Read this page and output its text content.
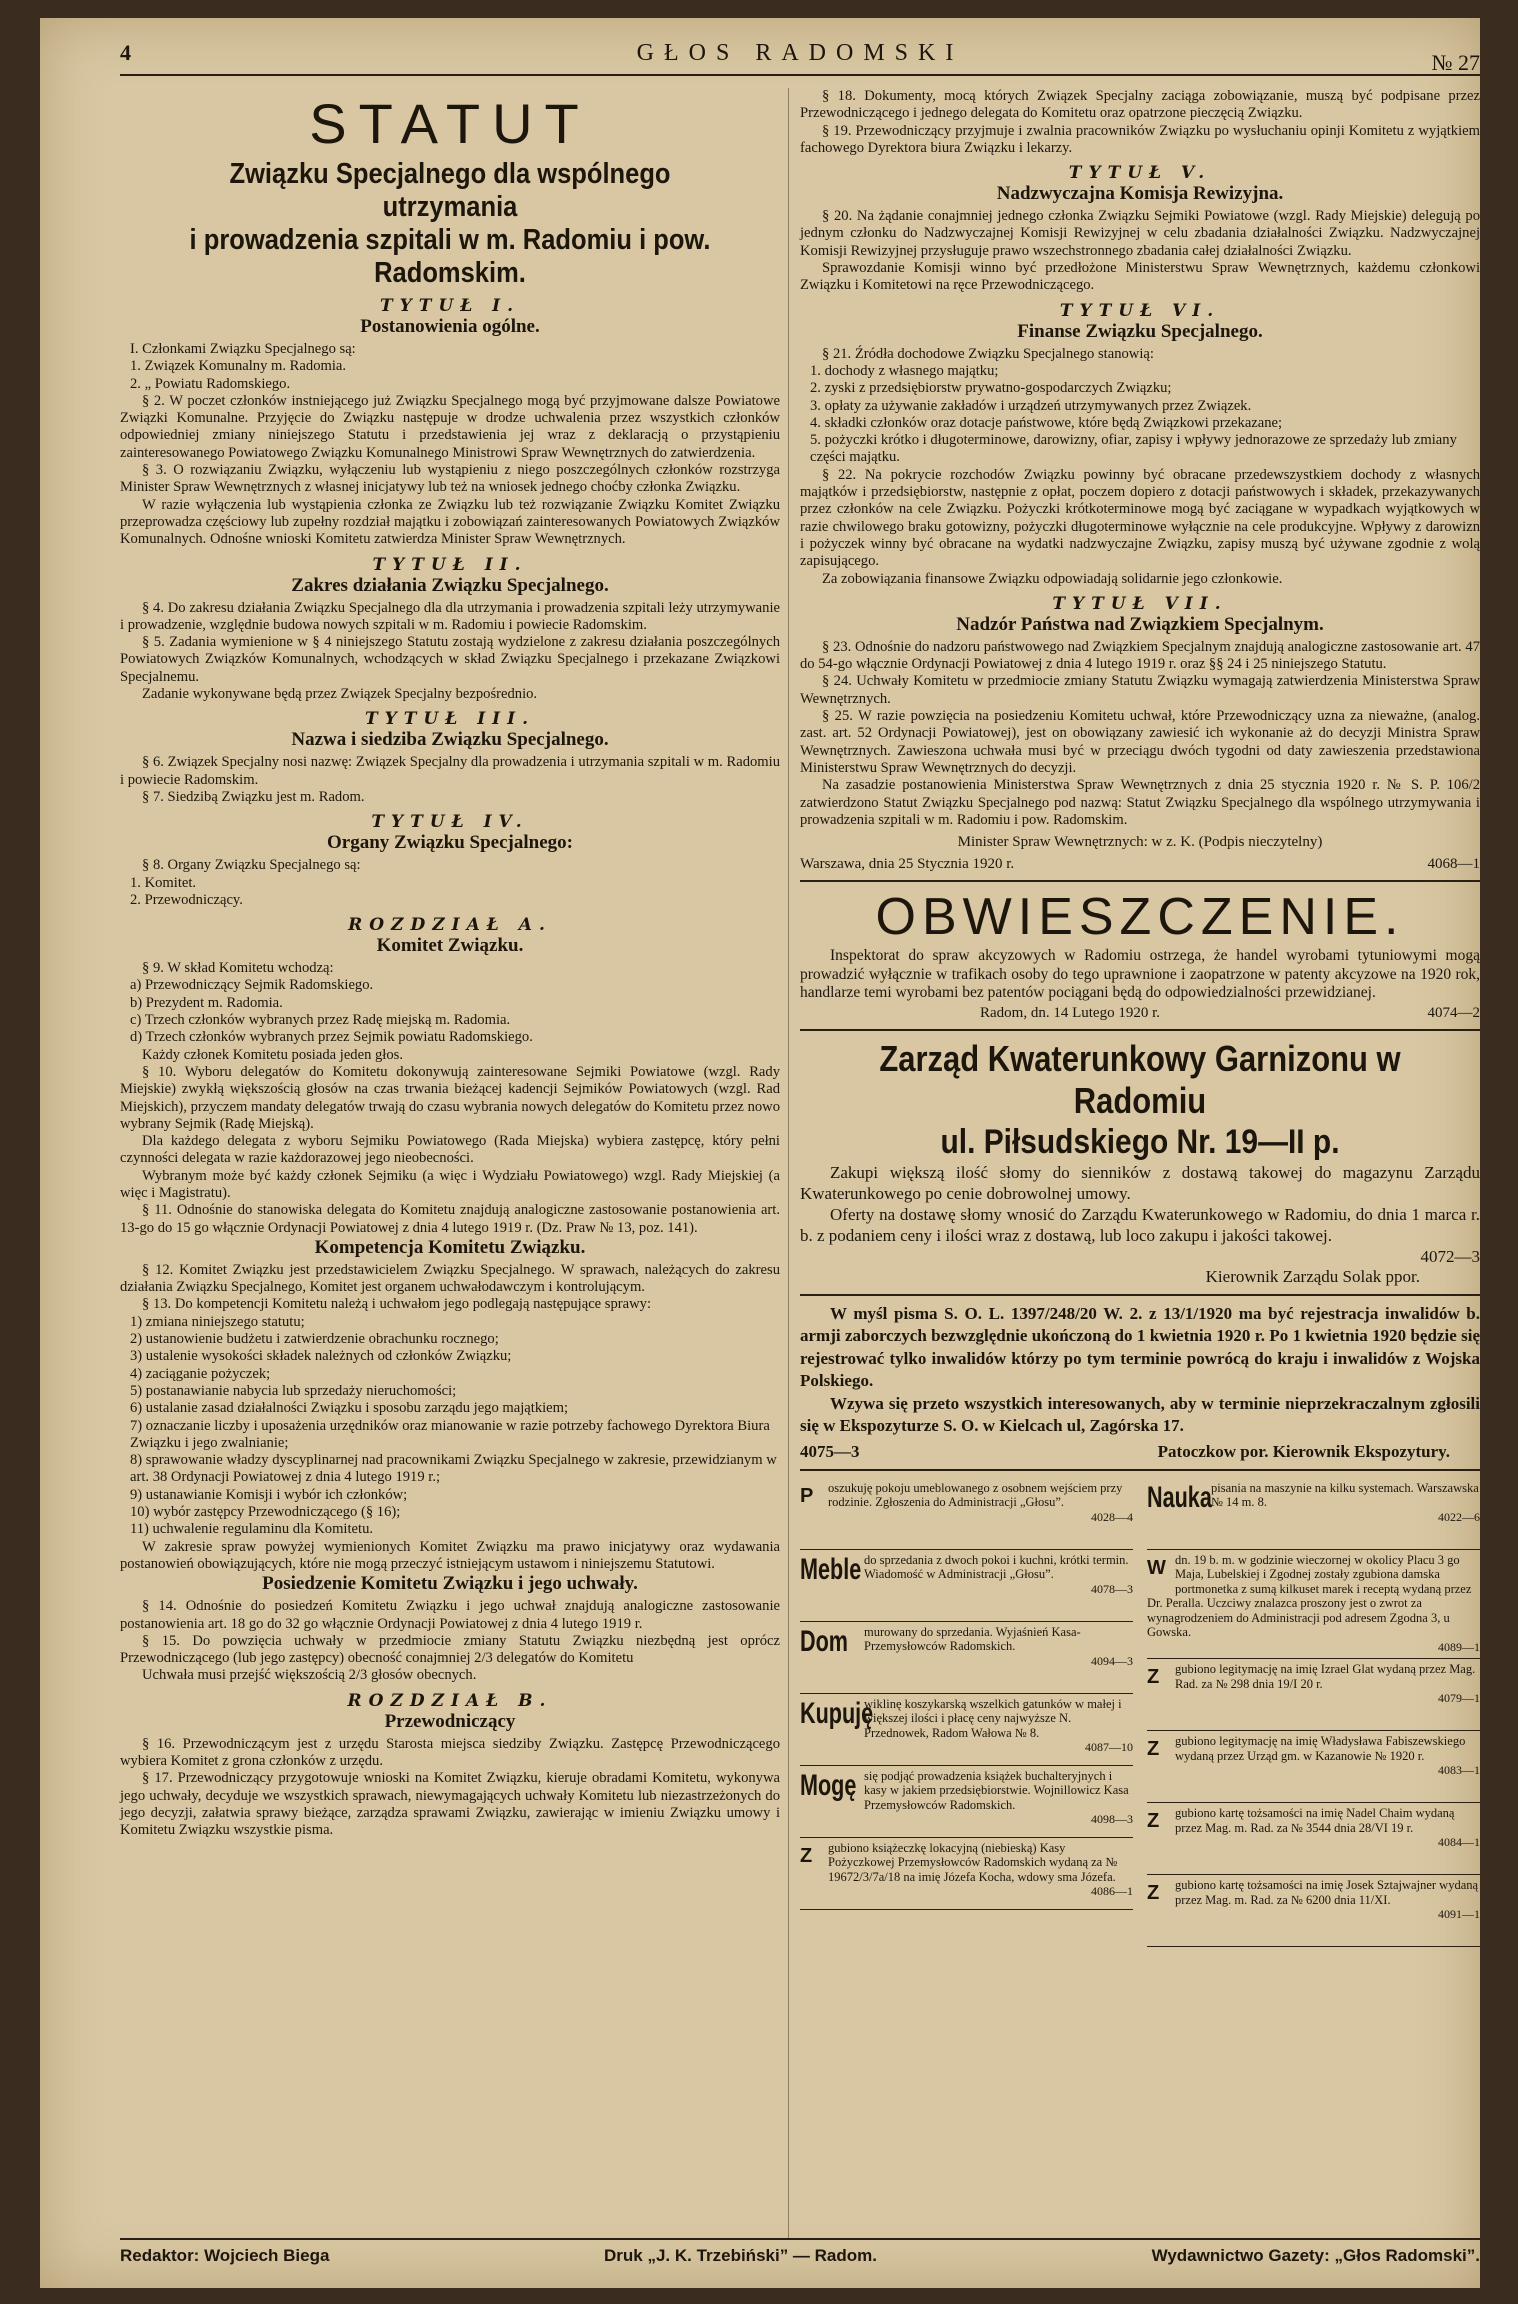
4	GŁOS RADOMSKI	№ 27
STATUT
Związku Specjalnego dla wspólnego utrzymania
i prowadzenia szpitali w m. Radomiu i pow. Radomskim.
TYTUŁ I.
Postanowienia ogólne.

I. Członkami Związku Specjalnego są:

1. Związek Komunalny m. Radomia.

2. „ Powiatu Radomskiego.

§ 2. W poczet członków instniejącego już Związku Specjalnego mogą być przyjmowane dalsze Powiatowe Związki Komunalne. Przyjęcie do Związku następuje w drodze uchwalenia przez wszystkich członków odpowiedniej zmiany niniejszego Statutu i przedstawienia jej wraz z deklaracją o przystąpieniu zainteresowanego Powiatowego Związku Komunalnego Ministrowi Spraw Wewnętrznych do zatwierdzenia.

§ 3. O rozwiązaniu Związku, wyłączeniu lub wystąpieniu z niego poszczególnych członków rozstrzyga Minister Spraw Wewnętrznych z własnej inicjatywy lub też na wniosek jednego choćby członka Związku.

W razie wyłączenia lub wystąpienia członka ze Związku lub też rozwiązanie Związku Komitet Związku przeprowadza częściowy lub zupełny rozdział majątku i zobowiązań zainteresowanych Powiatowych Związków Komunalnych. Odnośne wnioski Komitetu zatwierdza Minister Spraw Wewnętrznych.

TYTUŁ II.
Zakres działania Związku Specjalnego.

§ 4. Do zakresu działania Związku Specjalnego dla dla utrzymania i prowadzenia szpitali leży utrzymywanie i prowadzenie, względnie budowa nowych szpitali w m. Radomiu i powiecie Radomskim.

§ 5. Zadania wymienione w § 4 niniejszego Statutu zostają wydzielone z zakresu działania poszczególnych Powiatowych Związków Komunalnych, wchodzących w skład Związku Specjalnego i przekazane Związkowi Specjalnemu.

Zadanie wykonywane będą przez Związek Specjalny bezpośrednio.

TYTUŁ III.
Nazwa i siedziba Związku Specjalnego.

§ 6. Związek Specjalny nosi nazwę: Związek Specjalny dla prowadzenia i utrzymania szpitali w m. Radomiu i powiecie Radomskim.

§ 7. Siedzibą Związku jest m. Radom.

TYTUŁ IV.
Organy Związku Specjalnego:

§ 8. Organy Związku Specjalnego są:

1. Komitet.

2. Przewodniczący.

ROZDZIAŁ A.
Komitet Związku.

§ 9. W skład Komitetu wchodzą:

a) Przewodniczący Sejmik Radomskiego.

b) Prezydent m. Radomia.

c) Trzech członków wybranych przez Radę miejską m. Radomia.

d) Trzech członków wybranych przez Sejmik powiatu Radomskiego.

Każdy członek Komitetu posiada jeden głos.

§ 10. Wyboru delegatów do Komitetu dokonywują zainteresowane Sejmiki Powiatowe (wzgl. Rady Miejskie) zwykłą większością głosów na czas trwania bieżącej kadencji Sejmików Powiatowych (wzgl. Rad Miejskich), przyczem mandaty delegatów trwają do czasu wybrania nowych delegatów do Komitetu przez nowo wybrany Sejmik (Radę Miejską).

Dla każdego delegata z wyboru Sejmiku Powiatowego (Rada Miejska) wybiera zastępcę, który pełni czynności delegata w razie każdorazowej jego nieobecności.

Wybranym może być każdy członek Sejmiku (a więc i Wydziału Powiatowego) wzgl. Rady Miejskiej (a więc i Magistratu).

§ 11. Odnośnie do stanowiska delegata do Komitetu znajdują analogiczne zastosowanie postanowienia art. 13-go do 15 go włącznie Ordynacji Powiatowej z dnia 4 lutego 1919 r. (Dz. Praw № 13, poz. 141).

Kompetencja Komitetu Związku.

§ 12. Komitet Związku jest przedstawicielem Związku Specjalnego. W sprawach, należących do zakresu działania Związku Specjalnego, Komitet jest organem uchwałodawczym i kontrolującym.

§ 13. Do kompetencji Komitetu należą i uchwałom jego podlegają następujące sprawy:

1) zmiana niniejszego statutu;

2) ustanowienie budżetu i zatwierdzenie obrachunku rocznego;

3) ustalenie wysokości składek należnych od członków Związku;

4) zaciąganie pożyczek;

5) postanawianie nabycia lub sprzedaży nieruchomości;

6) ustalanie zasad działalności Związku i sposobu zarządu jego majątkiem;

7) oznaczanie liczby i uposażenia urzędników oraz mianowanie w razie potrzeby fachowego Dyrektora Biura Związku i jego zwalnianie;

8) sprawowanie władzy dyscyplinarnej nad pracownikami Związku Specjalnego w zakresie, przewidzianym w art. 38 Ordynacji Powiatowej z dnia 4 lutego 1919 r.;

9) ustanawianie Komisji i wybór ich członków;

10) wybór zastępcy Przewodniczącego (§ 16);

11) uchwalenie regulaminu dla Komitetu.

W zakresie spraw powyżej wymienionych Komitet Związku ma prawo inicjatywy oraz wydawania postanowień obowiązujących, które nie mogą przeczyć istniejącym ustawom i niniejszemu Statutowi.

Posiedzenie Komitetu Związku i jego uchwały.

§ 14. Odnośnie do posiedzeń Komitetu Związku i jego uchwał znajdują analogiczne zastosowanie postanowienia art. 18 go do 32 go włącznie Ordynacji Powiatowej z dnia 4 lutego 1919 r.

§ 15. Do powzięcia uchwały w przedmiocie zmiany Statutu Związku niezbędną jest oprócz Przewodniczącego (lub jego zastępcy) obecność conajmniej 2/3 delegatów do Komitetu

Uchwała musi przejść większością 2/3 głosów obecnych.

ROZDZIAŁ B.
Przewodniczący

§ 16. Przewodniczącym jest z urzędu Starosta miejsca siedziby Związku. Zastępcę Przewodniczącego wybiera Komitet z grona członków z urzędu.

§ 17. Przewodniczący przygotowuje wnioski na Komitet Związku, kieruje obradami Komitetu, wykonywa jego uchwały, decyduje we wszystkich sprawach, niewymagających uchwały Komitetu lub niezastrzeżonych do jego decyzji, załatwia sprawy bieżące, zarządza sprawami Związku, zawierając w imieniu Związku umowy i Komitetu Związku wszystkie pisma.

§ 18. Dokumenty, mocą których Związek Specjalny zaciąga zobowiązanie, muszą być podpisane przez Przewodniczącego i jednego delegata do Komitetu oraz opatrzone pieczęcią Związku.

§ 19. Przewodniczący przyjmuje i zwalnia pracowników Związku po wysłuchaniu opinji Komitetu z wyjątkiem fachowego Dyrektora biura Związku i lekarzy.

TYTUŁ V.
Nadzwyczajna Komisja Rewizyjna.

§ 20. Na żądanie conajmniej jednego członka Związku Sejmiki Powiatowe (wzgl. Rady Miejskie) delegują po jednym członku do Nadzwyczajnej Komisji Rewizyjnej w celu zbadania działalności Związku. Nadzwyczajnej Komisji Rewizyjnej przysługuje prawo wszechstronnego zbadania całej działalności Związku.

Sprawozdanie Komisji winno być przedłożone Ministerstwu Spraw Wewnętrznych, każdemu członkowi Związku i Komitetowi na ręce Przewodniczącego.

TYTUŁ VI.
Finanse Związku Specjalnego.

§ 21. Źródła dochodowe Związku Specjalnego stanowią:

1. dochody z własnego majątku;

2. zyski z przedsiębiorstw prywatno-gospodarczych Związku;

3. opłaty za używanie zakładów i urządzeń utrzymywanych przez Związek.

4. składki członków oraz dotacje państwowe, które będą Związkowi przekazane;

5. pożyczki krótko i długoterminowe, darowizny, ofiar, zapisy i wpływy jednorazowe ze sprzedaży lub zmiany części majątku.

§ 22. Na pokrycie rozchodów Związku powinny być obracane przedewszystkiem dochody z własnych majątków i przedsiębiorstw, następnie z opłat, poczem dopiero z dotacji państwowych i składek, przekazywanych przez członków na cele Związku. Pożyczki krótkoterminowe mogą być zaciągane w wypadkach wyjątkowych w razie chwilowego braku gotowizny, pożyczki długoterminowe wyłącznie na cele produkcyjne. Wpływy z darowizn i pożyczek winny być obracane na wydatki nadzwyczajne Związku, zapisy muszą być używane zgodnie z wolą zapisującego.

Za zobowiązania finansowe Związku odpowiadają solidarnie jego członkowie.

TYTUŁ VII.
Nadzór Państwa nad Związkiem Specjalnym.

§ 23. Odnośnie do nadzoru państwowego nad Związkiem Specjalnym znajdują analogiczne zastosowanie art. 47 do 54-go włącznie Ordynacji Powiatowej z dnia 4 lutego 1919 r. oraz §§ 24 i 25 niniejszego Statutu.

§ 24. Uchwały Komitetu w przedmiocie zmiany Statutu Związku wymagają zatwierdzenia Ministerstwa Spraw Wewnętrznych.

§ 25. W razie powzięcia na posiedzeniu Komitetu uchwał, które Przewodniczący uzna za nieważne, (analog. zast. art. 52 Ordynacji Powiatowej), jest on obowiązany zawiesić ich wykonanie aż do decyzji Ministra Spraw Wewnętrznych. Zawieszona uchwała musi być w przeciągu dwóch tygodni od daty zawieszenia przedstawiona Ministerstwu Spraw Wewnętrznych do decyzji.

Na zasadzie postanowienia Ministerstwa Spraw Wewnętrznych z dnia 25 stycznia 1920 r. № S. P. 106/2 zatwierdzono Statut Związku Specjalnego pod nazwą: Statut Związku Specjalnego dla wspólnego utrzymywania i prowadzenia szpitali w m. Radomiu i pow. Radomskim.

Minister Spraw Wewnętrznych: w z. K. (Podpis nieczytelny)

Warszawa, dnia 25 Stycznia 1920 r.	4068—1
OBWIESZCZENIE.

Inspektorat do spraw akcyzowych w Radomiu ostrzega, że handel wyrobami tytuniowymi mogą prowadzić wyłącznie w trafikach osoby do tego uprawnione i zaopatrzone w patenty akcyzowe na 1920 rok, handlarze temi wyrobami bez patentów pociągani będą do odpowiedzialności przewidzianej.

Radom, dn. 14 Lutego 1920 r.	4074—2
Zarząd Kwaterunkowy Garnizonu w Radomiu
ul. Piłsudskiego Nr. 19—II p.

Zakupi większą ilość słomy do sienników z dostawą takowej do magazynu Zarządu Kwaterunkowego po cenie dobrowolnej umowy.

Oferty na dostawę słomy wnosić do Zarządu Kwaterunkowego w Radomiu, do dnia 1 marca r. b. z podaniem ceny i ilości wraz z dostawą, lub loco zakupu i jakości takowej.

4072—3
Kierownik Zarządu Solak ppor.

W myśl pisma S. O. L. 1397/248/20 W. 2. z 13/1/1920 ma być rejestracja inwalidów b. armji zaborczych bezwzględnie ukończoną do 1 kwietnia 1920 r. Po 1 kwietnia 1920 będzie się rejestrować tylko inwalidów którzy po tym terminie powrócą do kraju i inwalidów z Wojska Polskiego.

Wzywa się przeto wszystkich interesowanych, aby w terminie nieprzekraczalnym zgłosili się w Ekspozyturze S. O. w Kielcach ul, Zagórska 17.

4075—3	Patoczkow por. Kierownik Ekspozytury.
P	oszukuję pokoju umeblowanego z osobnem wejściem przy rodzinie. Zgłoszenia do Administracji „Głosu”.
4028—4
Meble do sprzedania z dwoch pokoi i kuchni, krótki termin. Wiadomość w Administracji „Głosu”.
4078—3
Dom murowany do sprzedania. Wyjaśnień Kasa-Przemysłowców Radomskich.
4094—3
Kupuję
wiklinę koszykarską wszelkich gatunków w małej i większej ilości i płacę ceny najwyższe N. Przednowek, Radom Wałowa № 8.
4087—10
Mogę się podjąć prowadzenia książek buchalteryjnych i kasy w jakiem przedsiębiorstwie. Wojnillowicz Kasa Przemysłowców Radomskich.
4098—3
Z	gubiono książeczkę lokacyjną (niebieską) Kasy Pożyczkowej Przemysłowców Radomskich wydaną za № 19672/3/7a/18 na imię Józefa Kocha, wdowy sma Józefa.
4086—1
Nauka pisania na maszynie na kilku systemach. Warszawska № 14 m. 8.
4022—6
Wdn. 19 b. m. w godzinie wieczornej w okolicy Placu 3 go Maja, Lubelskiej i Zgodnej zostały zgubiona damska portmonetka z sumą kilkuset marek i receptą wydaną przez Dr. Peralla. Uczciwy znalazca proszony jest o zwrot za wynagrodzeniem do Administracji pod adresem Zgodna 3, u Gowska.
4089—1
Z	gubiono legitymację na imię Izrael Glat wydaną przez Mag. Rad. za № 298 dnia 19/I 20 r.
4079—1
Z	gubiono legitymację na imię Władysława Fabiszewskiego wydaną przez Urząd gm. w Kazanowie № 1920 r.
4083—1
Z	gubiono kartę tożsamości na imię Nadel Chaim wydaną przez Mag. m. Rad. za № 3544 dnia 28/VI 19 r.
4084—1
Z	gubiono kartę tożsamości na imię Josek Sztajwajner wydaną przez Mag. m. Rad. za № 6200 dnia 11/XI.
4091—1
Redaktor: Wojciech Biega	Druk „J. K. Trzebiński” — Radom.	Wydawnictwo Gazety: „Głos Radomski”.
